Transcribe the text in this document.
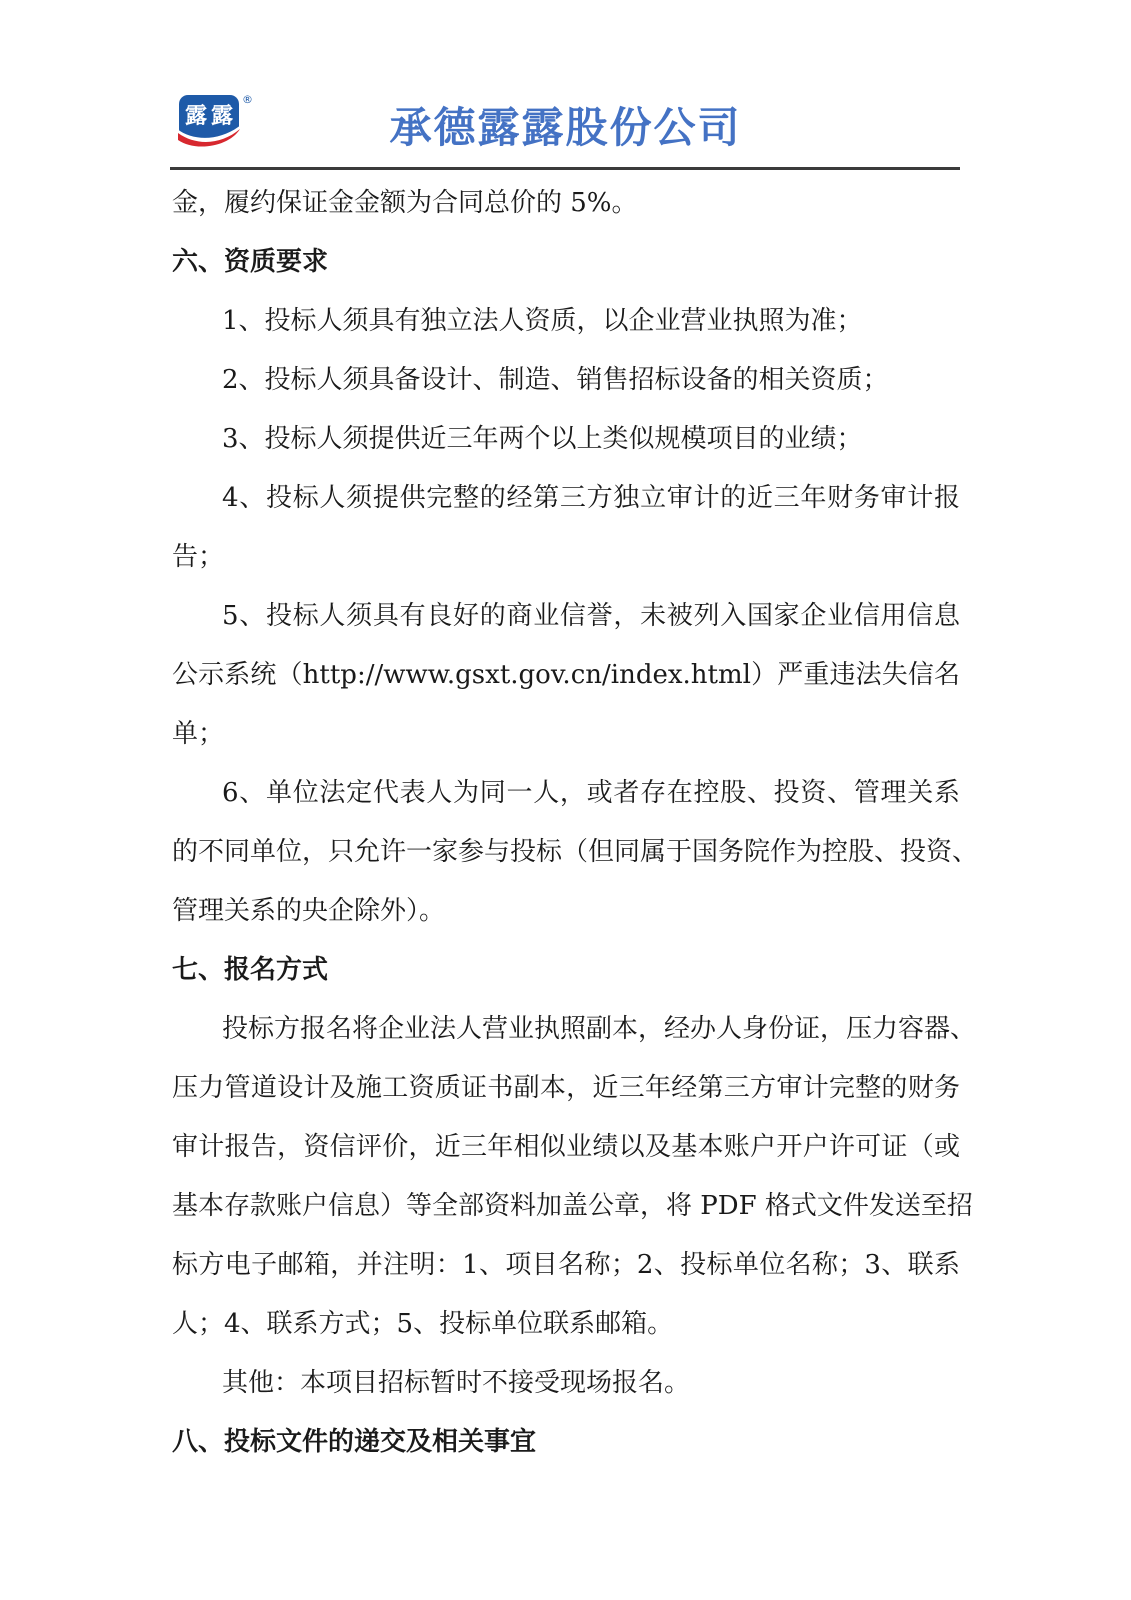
露露
®
承德露露股份公司

金，履约保证金金额为合同总价的 5%。

六、资质要求

1、投标人须具有独立法人资质，以企业营业执照为准；

2、投标人须具备设计、制造、销售招标设备的相关资质；

3、投标人须提供近三年两个以上类似规模项目的业绩；

4、投标人须提供完整的经第三方独立审计的近三年财务审计报

告；

5、投标人须具有良好的商业信誉，未被列入国家企业信用信息

公示系统（http://www.gsxt.gov.cn/index.html）严重违法失信名

单；

6、单位法定代表人为同一人，或者存在控股、投资、管理关系

的不同单位，只允许一家参与投标（但同属于国务院作为控股、投资、

管理关系的央企除外）。

七、报名方式

投标方报名将企业法人营业执照副本，经办人身份证，压力容器、

压力管道设计及施工资质证书副本，近三年经第三方审计完整的财务

审计报告，资信评价，近三年相似业绩以及基本账户开户许可证（或

基本存款账户信息）等全部资料加盖公章，将 PDF 格式文件发送至招

标方电子邮箱，并注明：1、项目名称；2、投标单位名称；3、联系

人；4、联系方式；5、投标单位联系邮箱。

其他：本项目招标暂时不接受现场报名。

八、投标文件的递交及相关事宜
